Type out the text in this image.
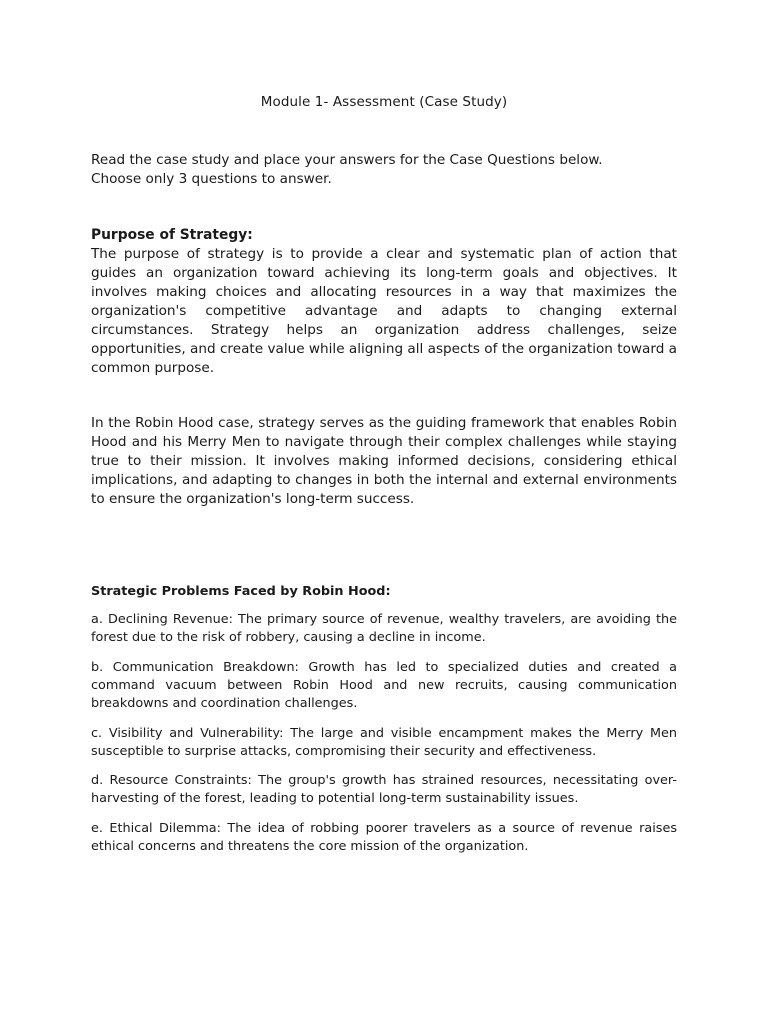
Module 1- Assessment (Case Study)

Read the case study and place your answers for the Case Questions below.
Choose only 3 questions to answer.

Purpose of Strategy:

The purpose of strategy is to provide a clear and systematic plan of action that guides an organization toward achieving its long-term goals and objectives. It involves making choices and allocating resources in a way that maximizes the organization's competitive advantage and adapts to changing external circumstances. Strategy helps an organization address challenges, seize opportunities, and create value while aligning all aspects of the organization toward a common purpose.

In the Robin Hood case, strategy serves as the guiding framework that enables Robin Hood and his Merry Men to navigate through their complex challenges while staying true to their mission. It involves making informed decisions, considering ethical implications, and adapting to changes in both the internal and external environments to ensure the organization's long-term success.

Strategic Problems Faced by Robin Hood:

a. Declining Revenue: The primary source of revenue, wealthy travelers, are avoiding the forest due to the risk of robbery, causing a decline in income.

b. Communication Breakdown: Growth has led to specialized duties and created a command vacuum between Robin Hood and new recruits, causing communication breakdowns and coordination challenges.

c. Visibility and Vulnerability: The large and visible encampment makes the Merry Men susceptible to surprise attacks, compromising their security and effectiveness.

d. Resource Constraints: The group's growth has strained resources, necessitating over-harvesting of the forest, leading to potential long-term sustainability issues.

e. Ethical Dilemma: The idea of robbing poorer travelers as a source of revenue raises ethical concerns and threatens the core mission of the organization.
